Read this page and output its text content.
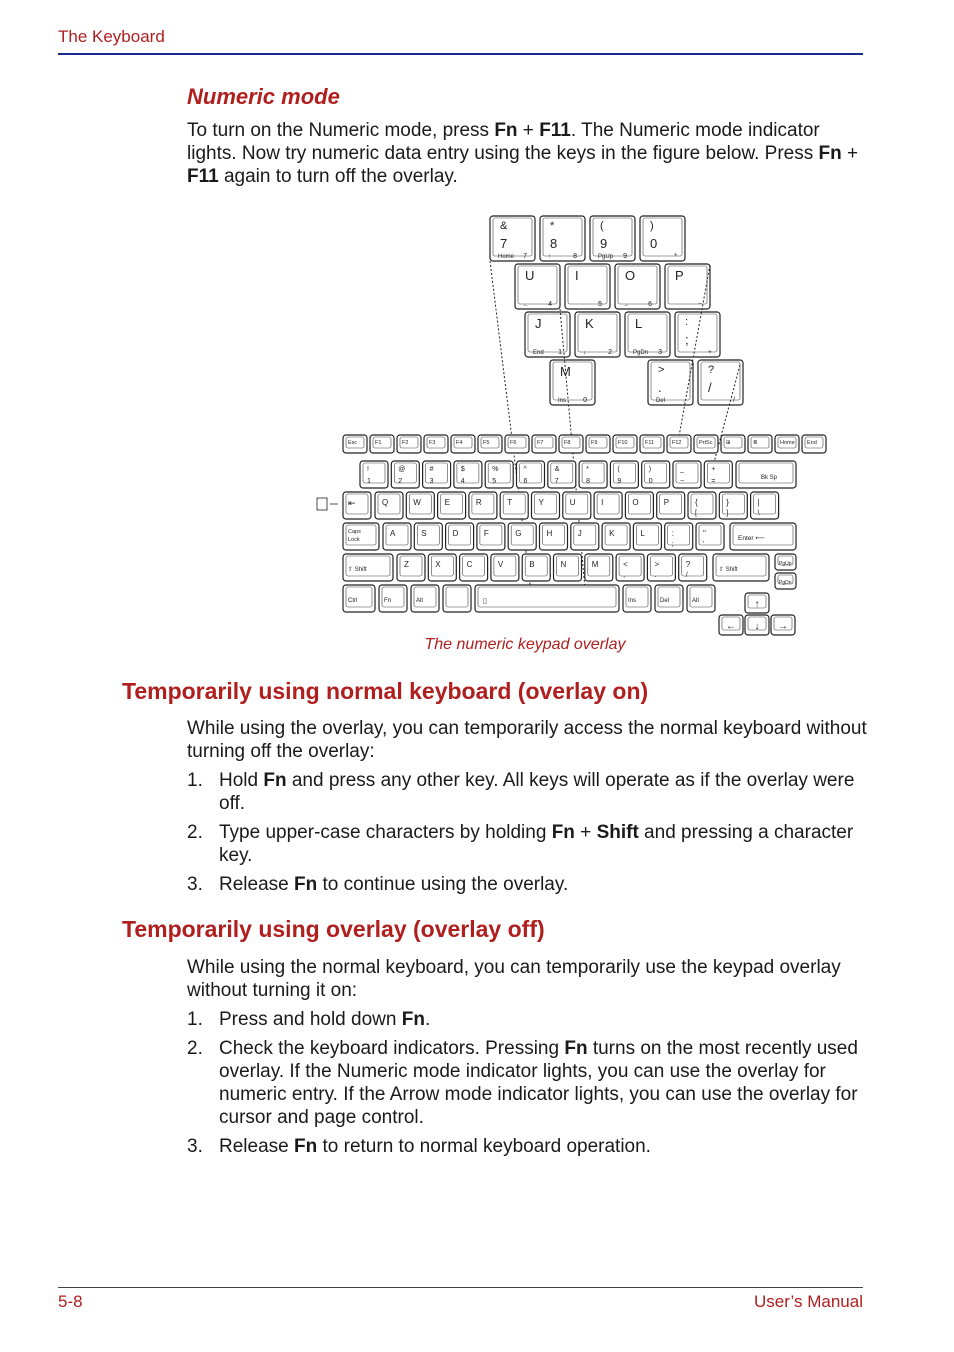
The Keyboard
Numeric mode
To turn on the Numeric mode, press Fn + F11. The Numeric mode indicator lights. Now try numeric data entry using the keys in the figure below. Press Fn + F11 again to turn off the overlay.
&
7
Home 7
*
8
↑	8
(
9
PgUp 9
)
0
*
U
←	4
I
5
O
→	6
P
−
J
End 1
K
↓	2
L
PgDn 3
:
;
+
M
Ins 0
>
.
Del	.
?
/
/
Esc	F1	F2	F3	F4	F5	F6	F7	F8	F9	F10	F11	F12	PrtSc ⊞	≣	Home End
!
1
@
2
#
3
$
4
%
5
^
6
&
7
*
8
(
9
)
0
_
−
+
=	Bk Sp
⇤	Q	W	E	R	T	Y	U	I	O	P	{
[
}
]
|
\
Caps
Lock
A	S	D	F	G	H	J	K	L	:
;
"
'
Enter ⟵
⇧ Shift
Z	X	C	V	B	N	M	<
,
>
.
?
/
⇧ Shift
PgUp
PgDn
Ctrl	Fn	Alt	▯	Ins	Del	Alt	↑
← ↓ →
The numeric keypad overlay
Temporarily using normal keyboard (overlay on)
While using the overlay, you can temporarily access the normal keyboard without turning off the overlay:
1. Hold Fn and press any other key. All keys will operate as if the overlay were off.
2. Type upper-case characters by holding Fn + Shift and pressing a character key.
3. Release Fn to continue using the overlay.
Temporarily using overlay (overlay off)
While using the normal keyboard, you can temporarily use the keypad overlay without turning it on:
1. Press and hold down Fn.
2. Check the keyboard indicators. Pressing Fn turns on the most recently used overlay. If the Numeric mode indicator lights, you can use the overlay for numeric entry. If the Arrow mode indicator lights, you can use the overlay for cursor and page control.
3. Release Fn to return to normal keyboard operation.
5-8	User’s Manual
